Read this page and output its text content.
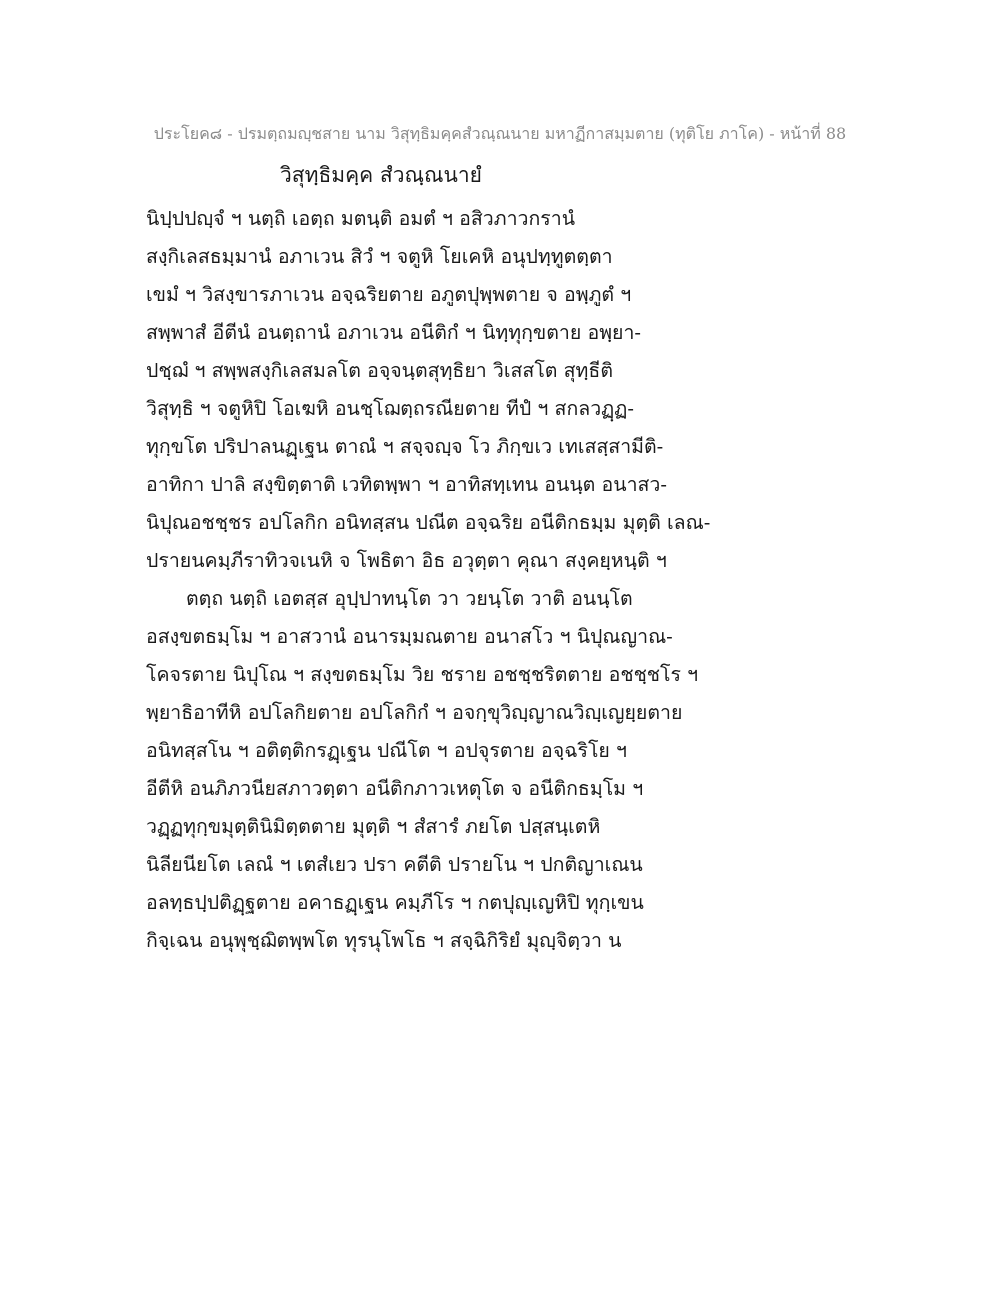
ประโยค๘ - ปรมตฺถมญฺชสาย นาม วิสุทฺธิมคฺคสํวณฺณนาย มหาฏีกาสมฺมตาย (ทุติโย ภาโค) - หน้าที่ 88
วิสุทฺธิมคฺค สํวณฺณนายํ
นิปฺปปญฺจํ ฯ นตฺถิ เอตฺถ มตนฺติ อมตํ ฯ อสิวภาวกรานํ
สงฺกิเลสธมฺมานํ อภาเวน สิวํ ฯ จตูหิ โยเคหิ อนุปทฺทูตตฺตา
เขมํ ฯ วิสงฺขารภาเวน อจฺฉริยตาย อภูตปุพฺพตาย จ อพฺภูตํ ฯ
สพฺพาสํ อีตีนํ อนตฺถานํ อภาเวน อนีติกํ ฯ นิทฺทุกฺขตาย อพฺยา-
ปชฺฌํ ฯ สพฺพสงฺกิเลสมลโต อจฺจนฺตสุทฺธิยา วิเสสโต สุทฺธีติ
วิสุทฺธิ ฯ จตูหิปิ โอเฆหิ อนชฺโฌตฺถรณียตาย ทีปํ ฯ สกลวฏฺฏ-
ทุกฺขโต ปริปาลนฏฺเฐน ตาณํ ฯ สจฺจญฺจ โว ภิกฺขเว เทเสสฺสามีติ-
อาทิกา ปาลิ สงฺขิตฺตาติ เวทิตพฺพา ฯ อาทิสทฺเทน อนนฺต อนาสว-
นิปุณอชชฺชร อปโลกิก อนิทสฺสน ปณีต อจฺฉริย อนีติกธมฺม มุตฺติ เลณ-
ปรายนคมฺภีราทิวจเนหิ จ โพธิตา อิธ อวุตฺตา คุณา สงฺคยฺหนฺติ ฯ
ตตฺถ นตฺถิ เอตสฺส อุปฺปาทนฺโต วา วยนฺโต วาติ อนนฺโต
อสงฺขตธมฺโม ฯ อาสวานํ อนารมฺมณตาย อนาสโว ฯ นิปุณญาณ-
โคจรตาย นิปุโณ ฯ สงฺขตธมฺโม วิย ชราย อชชฺชริตตาย อชชฺชโร ฯ
พฺยาธิอาทีหิ อปโลกิยตาย อปโลกิกํ ฯ อจกฺขุวิญฺญาณวิญฺเญยฺยตาย
อนิทสฺสโน ฯ อติตฺติกรฏฺเฐน ปณีโต ฯ อปจุรตาย อจฺฉริโย ฯ
อีตีหิ อนภิภวนียสภาวตฺตา อนีติกภาวเหตุโต จ อนีติกธมฺโม ฯ
วฏฺฏทุกฺขมุตฺตินิมิตฺตตาย มุตฺติ ฯ สํสารํ ภยโต ปสฺสนฺเตหิ
นิลียนียโต เลณํ ฯ เตสํเยว ปรา คตีติ ปรายโน ฯ ปกติญาเณน
อลทฺธปฺปติฏฺฐตาย อคาธฏฺเฐน คมฺภีโร ฯ กตปุญฺเญหิปิ ทุกฺเขน
กิจฺเฉน อนุพุชฺฌิตพฺพโต ทุรนุโพโธ ฯ สจฺฉิกิริยํ มุญฺจิตฺวา น
